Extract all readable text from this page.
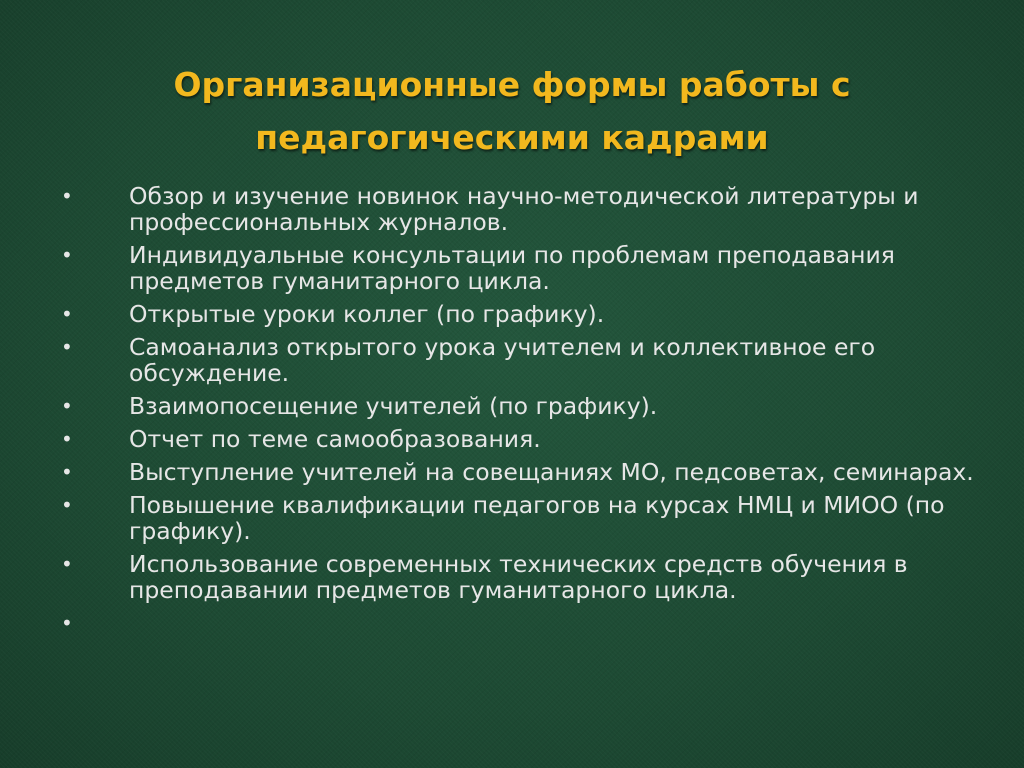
Организационные формы работы с
педагогическими кадрами
• Обзор и изучение новинок научно-методической литературы и профессиональных журналов.
• Индивидуальные консультации по проблемам преподавания предметов гуманитарного цикла.
• Открытые уроки коллег (по графику).
• Самоанализ открытого урока учителем и коллективное его обсуждение.
• Взаимопосещение учителей (по графику).
• Отчет по теме самообразования.
• Выступление учителей на совещаниях МО, педсоветах, семинарах.
• Повышение квалификации педагогов на курсах НМЦ и МИОО (по графику).
• Использование современных технических средств обучения в преподавании предметов гуманитарного цикла.
•
